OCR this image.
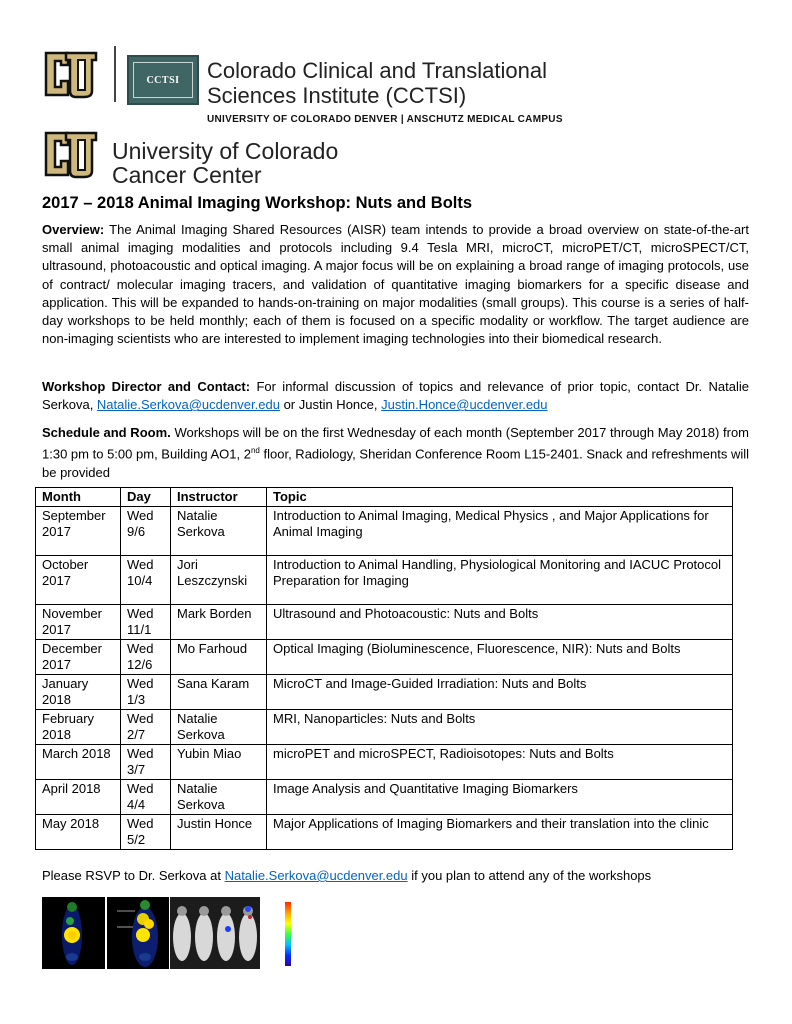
CCTSI	Colorado Clinical and Translational
Sciences Institute (CCTSI)
UNIVERSITY OF COLORADO DENVER | ANSCHUTZ MEDICAL CAMPUS
University of Colorado
Cancer Center
2017 – 2018 Animal Imaging Workshop: Nuts and Bolts
Overview: The Animal Imaging Shared Resources (AISR) team intends to provide a broad overview on state-of-the-art small animal imaging modalities and protocols including 9.4 Tesla MRI, microCT, microPET/CT, microSPECT/CT, ultrasound, photoacoustic and optical imaging. A major focus will be on explaining a broad range of imaging protocols, use of contract/ molecular imaging tracers, and validation of quantitative imaging biomarkers for a specific disease and application. This will be expanded to hands-on-training on major modalities (small groups). This course is a series of half-day workshops to be held monthly; each of them is focused on a specific modality or workflow. The target audience are non-imaging scientists who are interested to implement imaging technologies into their biomedical research.
Workshop Director and Contact: For informal discussion of topics and relevance of prior topic, contact Dr. Natalie Serkova, Natalie.Serkova@ucdenver.edu or Justin Honce, Justin.Honce@ucdenver.edu
Schedule and Room. Workshops will be on the first Wednesday of each month (September 2017 through May 2018) from 1:30 pm to 5:00 pm, Building AO1, 2nd floor, Radiology, Sheridan Conference Room L15-2401. Snack and refreshments will be provided
Month	Day	Instructor	Topic
September 2017	Wed 9/6	Natalie Serkova	Introduction to Animal Imaging, Medical Physics , and Major Applications for Animal Imaging
October 2017	Wed 10/4	Jori Leszczynski	Introduction to Animal Handling, Physiological Monitoring and IACUC Protocol Preparation for Imaging
November 2017	Wed 11/1	Mark Borden	Ultrasound and Photoacoustic: Nuts and Bolts
December 2017	Wed 12/6	Mo Farhoud	Optical Imaging (Bioluminescence, Fluorescence, NIR): Nuts and Bolts
January 2018	Wed 1/3	Sana Karam	MicroCT and Image-Guided Irradiation: Nuts and Bolts
February 2018	Wed 2/7	Natalie Serkova	MRI, Nanoparticles: Nuts and Bolts
March 2018	Wed 3/7	Yubin Miao	microPET and microSPECT, Radioisotopes: Nuts and Bolts
April 2018	Wed 4/4	Natalie Serkova	Image Analysis and Quantitative Imaging Biomarkers
May 2018	Wed 5/2	Justin Honce	Major Applications of Imaging Biomarkers and their translation into the clinic
Please RSVP to Dr. Serkova at Natalie.Serkova@ucdenver.edu if you plan to attend any of the workshops
